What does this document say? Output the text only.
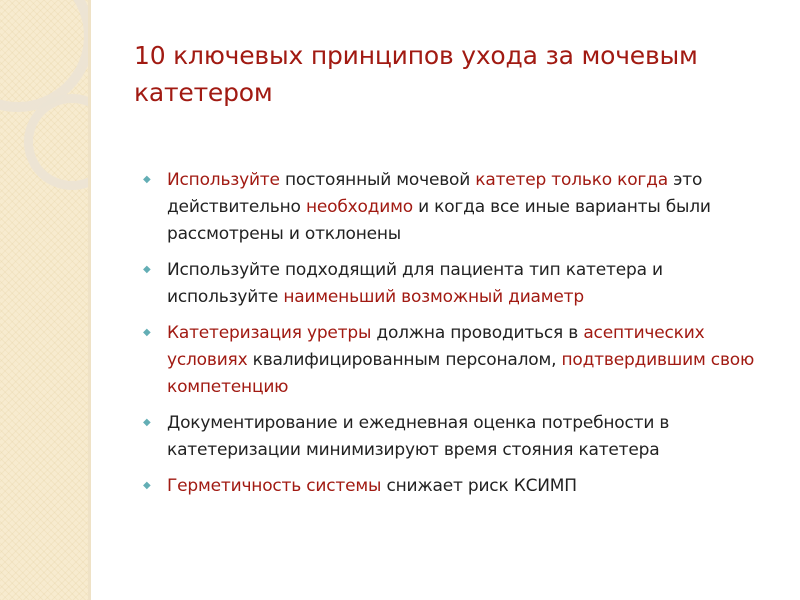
10 ключевых принципов ухода за мочевым катетером
◆ Используйте постоянный мочевой катетер только когда это действительно необходимо и когда все иные варианты были рассмотрены и отклонены
◆ Используйте подходящий для пациента тип катетера и используйте наименьший возможный диаметр
◆ Катетеризация уретры должна проводиться в асептических условиях квалифицированным персоналом, подтвердившим свою компетенцию
◆ Документирование и ежедневная оценка потребности в катетеризации минимизируют время стояния катетера
◆ Герметичность системы снижает риск КСИМП
